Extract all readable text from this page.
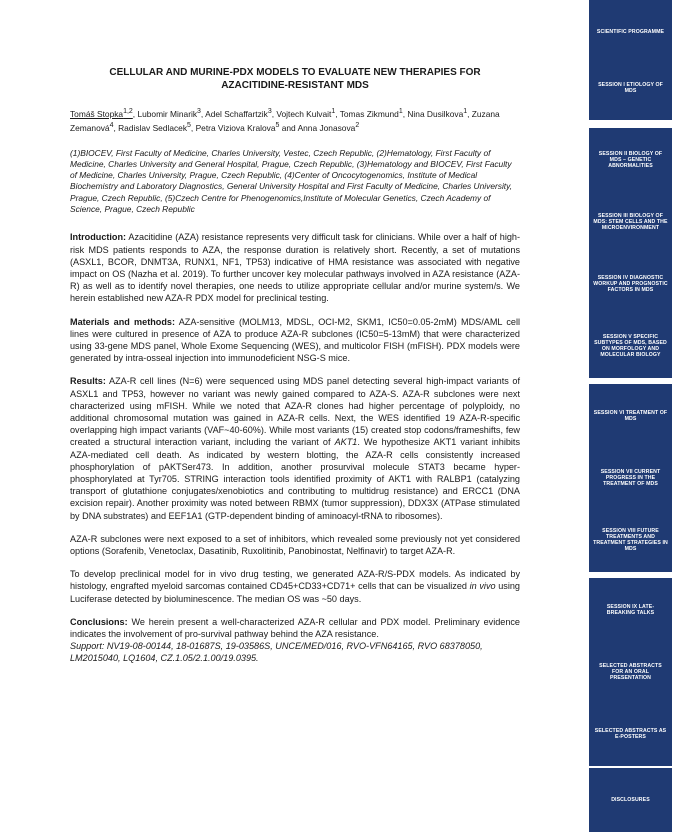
CELLULAR AND MURINE-PDX MODELS TO EVALUATE NEW THERAPIES FOR AZACITIDINE-RESISTANT MDS

Tomáš Stopka$^{1,2}$, Lubomir Minarik$^3$, Adel Schaffartzik$^3$, Vojtech Kulvait$^1$, Tomas Zikmund$^1$, Nina Dusilkova$^1$, Zuzana Zemanová$^4$, Radislav Sedlacek$^5$, Petra Viziova Kralova$^5$ and Anna Jonasova$^2$

(1)BIOCEV, First Faculty of Medicine, Charles University, Vestec, Czech Republic, (2)Hematology, First Faculty of Medicine, Charles University and General Hospital, Prague, Czech Republic, (3)Hematology and BIOCEV, First Faculty of Medicine, Charles University, Prague, Czech Republic, (4)Center of Oncocytogenomics, Institute of Medical Biochemistry and Laboratory Diagnostics, General University Hospital and First Faculty of Medicine, Charles University, Prague, Czech Republic, (5)Czech Centre for Phenogenomics,Institute of Molecular Genetics, Czech Academy of Science, Prague, Czech Republic

Introduction: Azacitidine (AZA) resistance represents very difficult task for clinicians. While over a half of high-risk MDS patients responds to AZA, the response duration is relatively short. Recently, a set of mutations (ASXL1, BCOR, DNMT3A, RUNX1, NF1, TP53) indicative of HMA resistance was associated with negative impact on OS (Nazha et al. 2019). To further uncover key molecular pathways involved in AZA resistance (AZA-R) as well as to identify novel therapies, one needs to utilize appropriate cellular and/or murine system/s. We herein established new AZA-R PDX model for preclinical testing.

Materials and methods: AZA-sensitive (MOLM13, MDSL, OCI-M2, SKM1, IC50=0.05-2mM) MDS/AML cell lines were cultured in presence of AZA to produce AZA-R subclones (IC50=5-13mM) that were characterized using 33-gene MDS panel, Whole Exome Sequencing (WES), and multicolor FISH (mFISH). PDX models were generated by intra-osseal injection into immunodeficient NSG-S mice.

Results: AZA-R cell lines (N=6) were sequenced using MDS panel detecting several high-impact variants of ASXL1 and TP53, however no variant was newly gained compared to AZA-S. AZA-R subclones were next characterized using mFISH. While we noted that AZA-R clones had higher percentage of polyploidy, no additional chromosomal mutation was gained in AZA-R cells. Next, the WES identified 19 AZA-R-specific overlapping high impact variants (VAF~40-60%). While most variants (15) created stop codons/frameshifts, few created a structural interaction variant, including the variant of AKT1. We hypothesize AKT1 variant inhibits AZA-mediated cell death. As indicated by western blotting, the AZA-R cells consistently increased phosphorylation of pAKTSer473. In addition, another prosurvival molecule STAT3 became hyper-phosphorylated at Tyr705. STRING interaction tools identified proximity of AKT1 with RALBP1 (catalyzing transport of glutathione conjugates/xenobiotics and contributing to multidrug resistance) and ERCC1 (DNA excision repair). Another proximity was noted between RBMX (tumor suppression), DDX3X (ATPase stimulated by DNA substrates) and EEF1A1 (GTP-dependent binding of aminoacyl-tRNA to ribosomes).

AZA-R subclones were next exposed to a set of inhibitors, which revealed some previously not yet considered options (Sorafenib, Venetoclax, Dasatinib, Ruxolitinib, Panobinostat, Nelfinavir) to target AZA-R.

To develop preclinical model for in vivo drug testing, we generated AZA-R/S-PDX models. As indicated by histology, engrafted myeloid sarcomas contained CD45+CD33+CD71+ cells that can be visualized in vivo using Luciferase detected by bioluminescence. The median OS was ~50 days.

Conclusions: We herein present a well-characterized AZA-R cellular and PDX model. Preliminary evidence indicates the involvement of pro-survival pathway behind the AZA resistance.

Support: NV19-08-00144, 18-01687S, 19-03586S, UNCE/MED/016, RVO-VFN64165, RVO 68378050, LM2015040, LQ1604, CZ.1.05/2.1.00/19.0395.

SCIENTIFIC PROGRAMME
SESSION I ETIOLOGY OF MDS
SESSION II BIOLOGY OF MDS – GENETIC ABNORMALITIES
SESSION III BIOLOGY OF MDS: STEM CELLS AND THE MICROENVIRONMENT
SESSION IV DIAGNOSTIC WORKUP AND PROGNOSTIC FACTORS IN MDS
SESSION V SPECIFIC SUBTYPES OF MDS, BASED ON MORFOLOGY AND MOLECULAR BIOLOGY
SESSION VI TREATMENT OF MDS
SESSION VII CURRENT PROGRESS IN THE TREATMENT OF MDS
SESSION VIII FUTURE TREATMENTS AND TREATMENT STRATEGIES IN MDS
SESSION IX LATE-BREAKING TALKS
SELECTED ABSTRACTS FOR AN ORAL PRESENTATION
SELECTED ABSTRACTS AS E-POSTERS
DISCLOSURES
